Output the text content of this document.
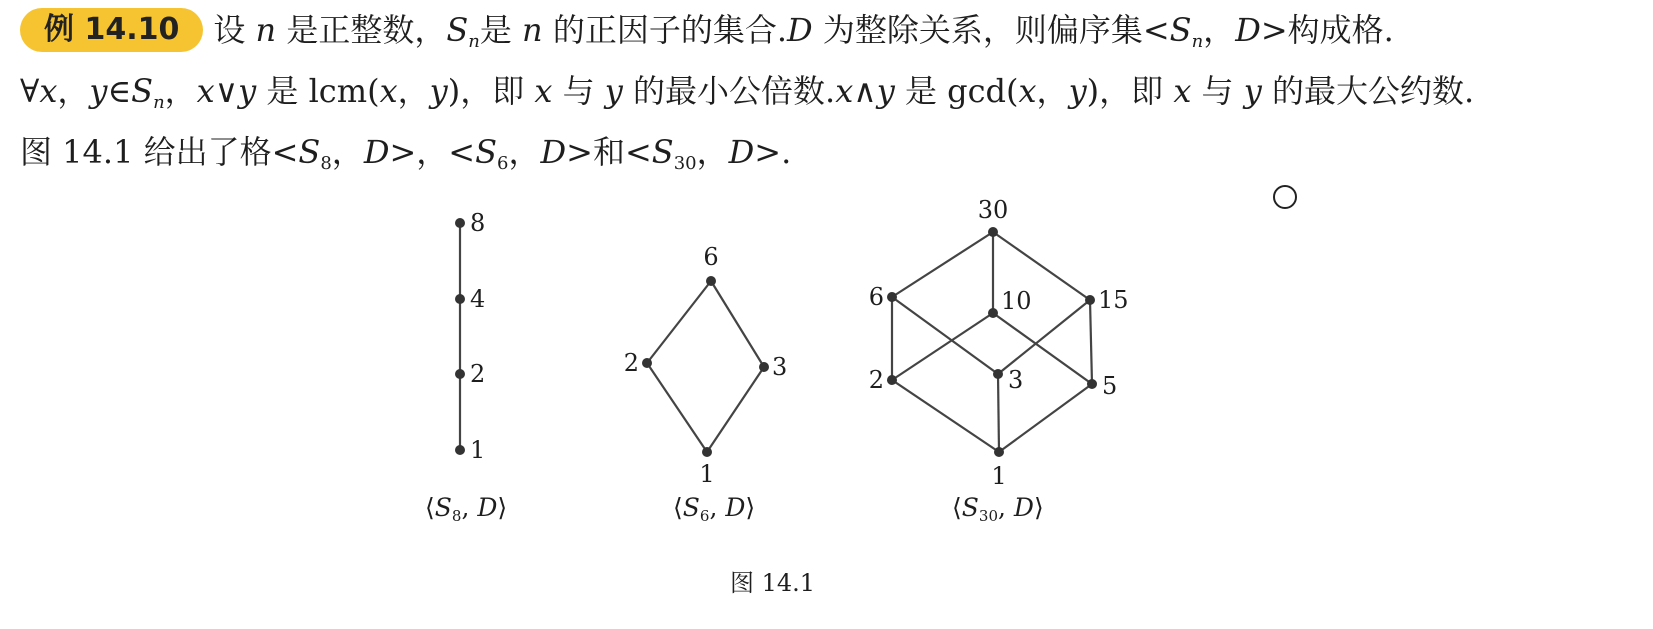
例 14.10 设 n 是正整数，$S_n$是 n 的正因子的集合.D 为整除关系，则偏序集$<S_n$，D>构成格.
∀x，$y\in S_n$，x∨y 是 lcm(x，y)，即 x 与 y 的最小公倍数.x∧y 是 gcd(x，y)，即 x 与 y 的最大公约数.
图 14.1 给出了格$<S_8$，D>，$<S_6$，D>和$<S_{30}$，D>.
1
2
4
8
1
2	3
6
1
2	3	5
6	10	15
30
$⟨S_8$, D⟩	$⟨S_6$, D⟩	$⟨S_{30}$, D⟩
图 14.1
